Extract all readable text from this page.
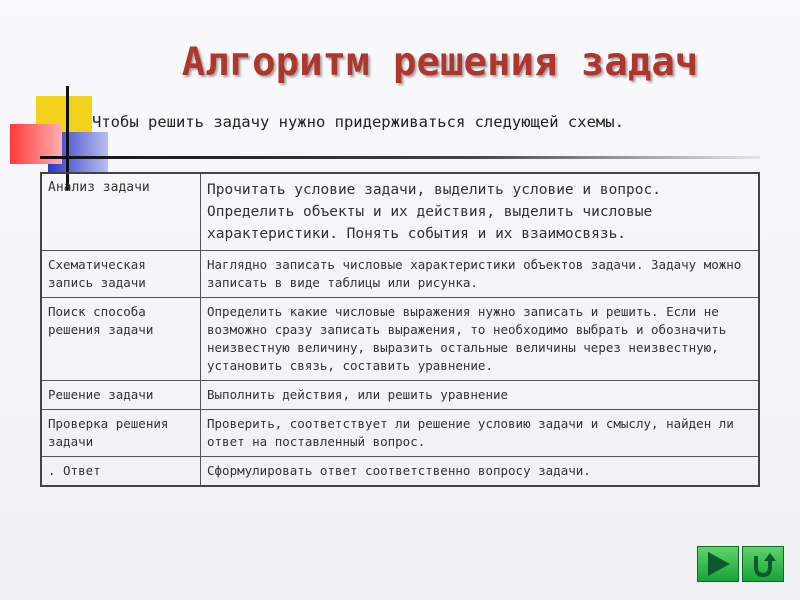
Алгоритм решения задач
Чтобы решить задачу нужно придерживаться следующей схемы.
Анализ задачи	Прочитать условие задачи, выделить условие и вопрос. Определить объекты и их действия, выделить числовые характеристики. Понять события и их взаимосвязь.
Схематическая запись задачи	Наглядно записать числовые характеристики объектов задачи. Задачу можно записать в виде таблицы или рисунка.
Поиск способа решения задачи	Определить какие числовые выражения нужно записать и решить. Если не возможно сразу записать выражения, то необходимо выбрать и обозначить неизвестную величину, выразить остальные величины через неизвестную, установить связь, составить уравнение.
Решение задачи	Выполнить действия, или решить уравнение
Проверка решения задачи	Проверить, соответствует ли решение условию задачи и смыслу, найден ли ответ на поставленный вопрос.
. Ответ	Сформулировать ответ соответственно вопросу задачи.
